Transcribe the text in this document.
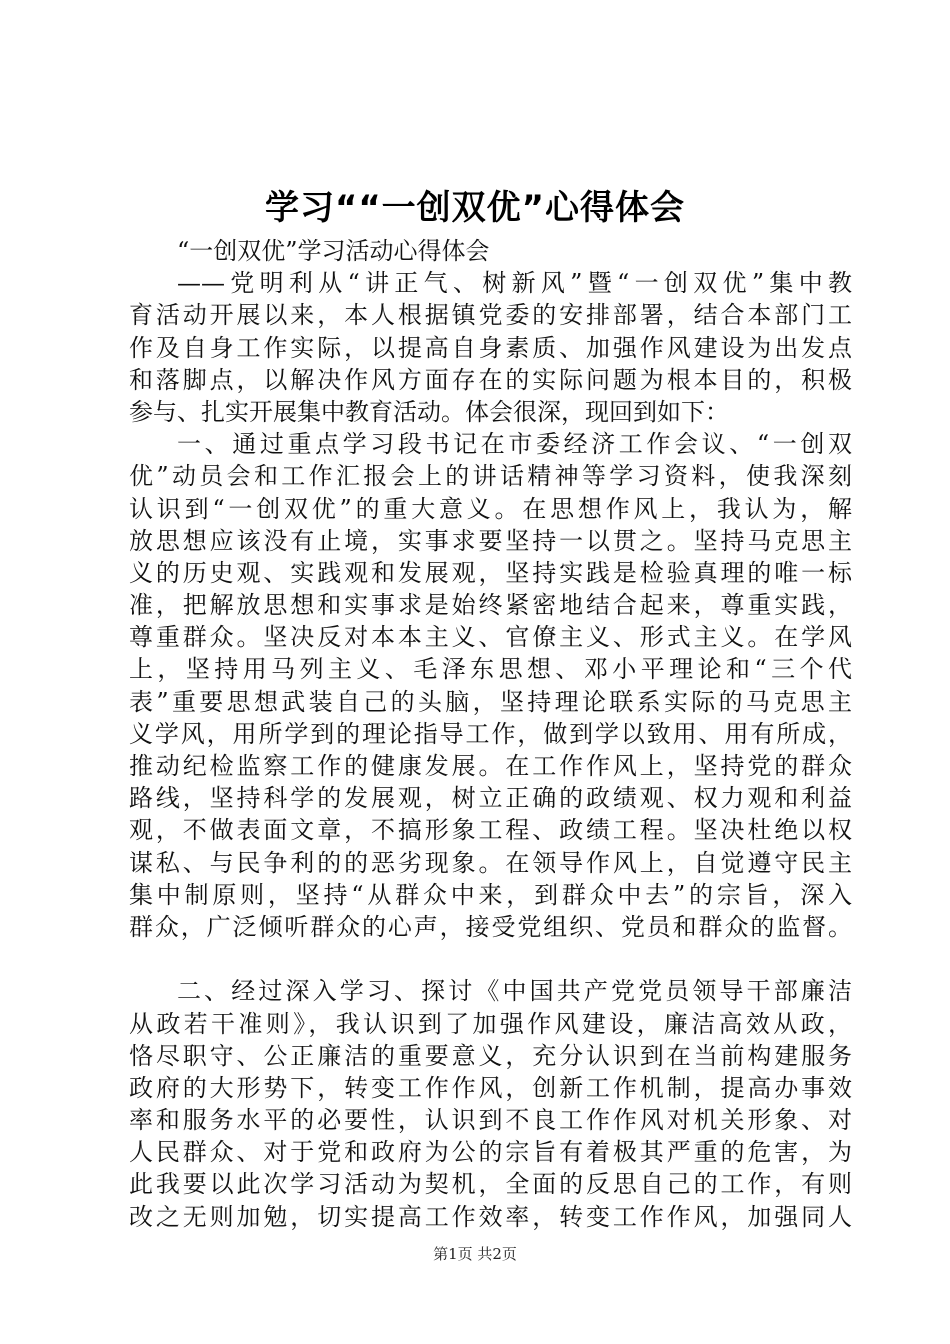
学习““一创双优”心得体会
“一创双优”学习活动心得体会
——党明利从“讲正气、树新风”暨“一创双优”集中教
育活动开展以来，本人根据镇党委的安排部署，结合本部门工
作及自身工作实际，以提高自身素质、加强作风建设为出发点
和落脚点，以解决作风方面存在的实际问题为根本目的，积极
参与、扎实开展集中教育活动。体会很深，现回到如下：
一、通过重点学习段书记在市委经济工作会议、“一创双
优”动员会和工作汇报会上的讲话精神等学习资料，使我深刻
认识到“一创双优”的重大意义。在思想作风上，我认为，解
放思想应该没有止境，实事求要坚持一以贯之。坚持马克思主
义的历史观、实践观和发展观，坚持实践是检验真理的唯一标
准，把解放思想和实事求是始终紧密地结合起来，尊重实践，
尊重群众。坚决反对本本主义、官僚主义、形式主义。在学风
上，坚持用马列主义、毛泽东思想、邓小平理论和“三个代
表”重要思想武装自己的头脑，坚持理论联系实际的马克思主
义学风，用所学到的理论指导工作，做到学以致用、用有所成，
推动纪检监察工作的健康发展。在工作作风上，坚持党的群众
路线，坚持科学的发展观，树立正确的政绩观、权力观和利益
观，不做表面文章，不搞形象工程、政绩工程。坚决杜绝以权
谋私、与民争利的的恶劣现象。在领导作风上，自觉遵守民主
集中制原则，坚持“从群众中来，到群众中去”的宗旨，深入
群众，广泛倾听群众的心声，接受党组织、党员和群众的监督。
二、经过深入学习、探讨《中国共产党党员领导干部廉洁
从政若干准则》，我认识到了加强作风建设，廉洁高效从政，
恪尽职守、公正廉洁的重要意义，充分认识到在当前构建服务
政府的大形势下，转变工作作风，创新工作机制，提高办事效
率和服务水平的必要性，认识到不良工作作风对机关形象、对
人民群众、对于党和政府为公的宗旨有着极其严重的危害，为
此我要以此次学习活动为契机，全面的反思自己的工作，有则
改之无则加勉，切实提高工作效率，转变工作作风，加强同人
第1页 共2页
